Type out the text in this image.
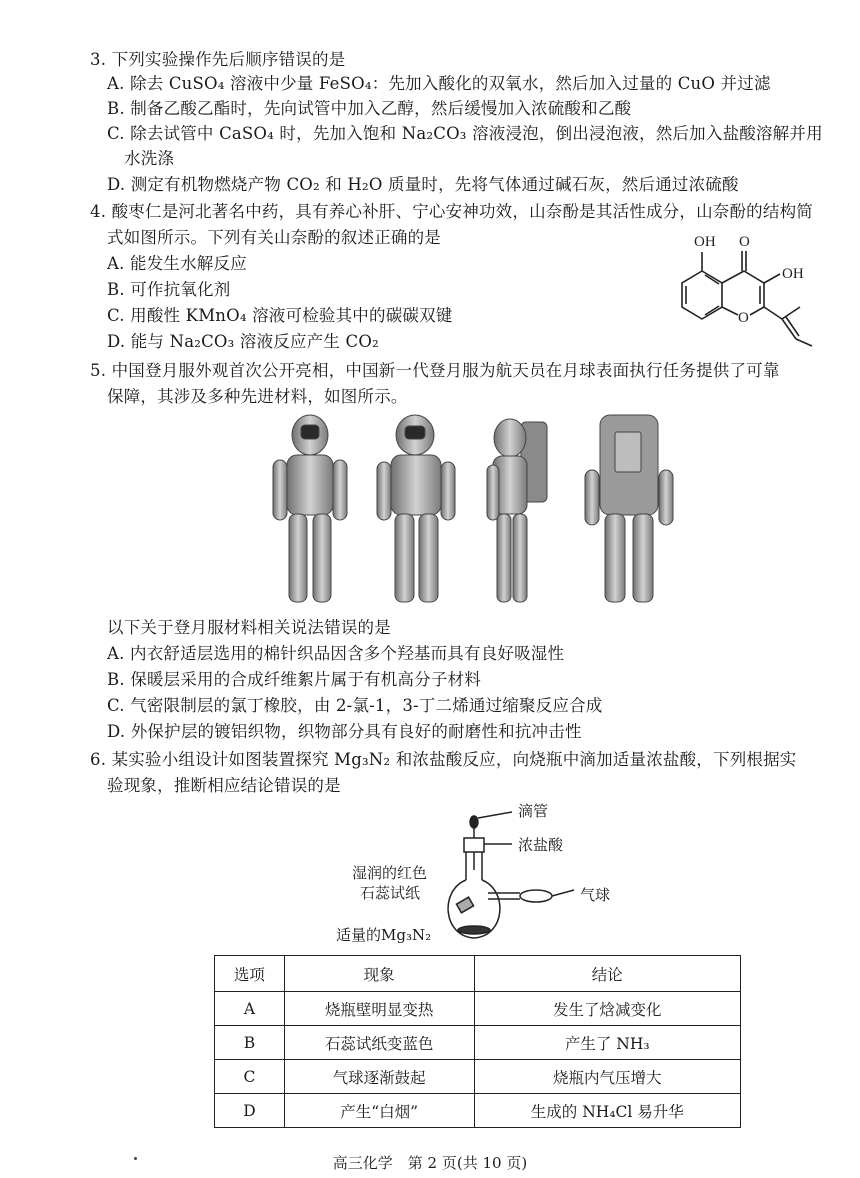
3. 下列实验操作先后顺序错误的是
A. 除去 CuSO₄ 溶液中少量 FeSO₄：先加入酸化的双氧水，然后加入过量的 CuO 并过滤
B. 制备乙酸乙酯时，先向试管中加入乙醇，然后缓慢加入浓硫酸和乙酸
C. 除去试管中 CaSO₄ 时，先加入饱和 Na₂CO₃ 溶液浸泡，倒出浸泡液，然后加入盐酸溶解并用
水洗涤
D. 测定有机物燃烧产物 CO₂ 和 H₂O 质量时，先将气体通过碱石灰，然后通过浓硫酸
4. 酸枣仁是河北著名中药，具有养心补肝、宁心安神功效，山奈酚是其活性成分，山奈酚的结构简
式如图所示。下列有关山奈酚的叙述正确的是
A. 能发生水解反应
B. 可作抗氧化剂
C. 用酸性 KMnO₄ 溶液可检验其中的碳碳双键
D. 能与 Na₂CO₃ 溶液反应产生 CO₂
OH O
OH
O
5. 中国登月服外观首次公开亮相，中国新一代登月服为航天员在月球表面执行任务提供了可靠
保障，其涉及多种先进材料，如图所示。
以下关于登月服材料相关说法错误的是
A. 内衣舒适层选用的棉针织品因含多个羟基而具有良好吸湿性
B. 保暖层采用的合成纤维絮片属于有机高分子材料
C. 气密限制层的氯丁橡胶，由 2-氯-1，3-丁二烯通过缩聚反应合成
D. 外保护层的镀铝织物，织物部分具有良好的耐磨性和抗冲击性
6. 某实验小组设计如图装置探究 Mg₃N₂ 和浓盐酸反应，向烧瓶中滴加适量浓盐酸，下列根据实
验现象，推断相应结论错误的是
滴管
浓盐酸
湿润的红色
石蕊试纸	气球
适量的Mg₃N₂
选项	现象	结论
A	烧瓶壁明显变热	发生了焓减变化
B	石蕊试纸变蓝色	产生了 NH₃
C	气球逐渐鼓起	烧瓶内气压增大
D	产生“白烟”	生成的 NH₄Cl 易升华
高三化学　第 2 页(共 10 页)
